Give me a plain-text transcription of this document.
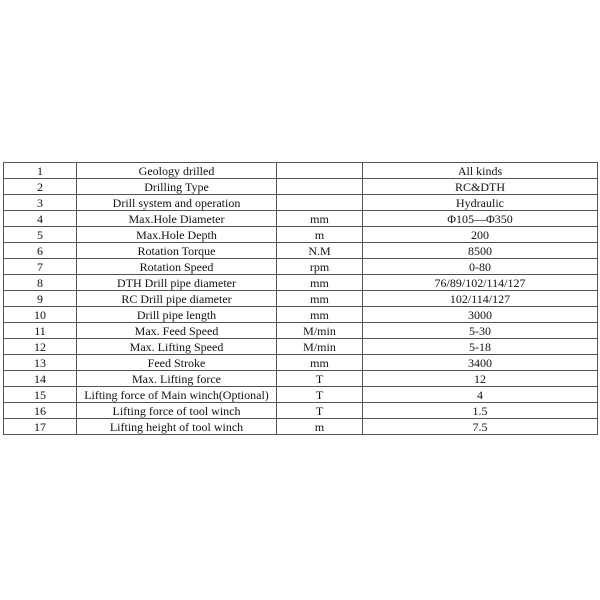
1	Geology drilled		All kinds
2	Drilling Type		RC&DTH
3	Drill system and operation		Hydraulic
4	Max.Hole Diameter	mm	Φ105—Φ350
5	Max.Hole Depth	m	200
6	Rotation Torque	N.M	8500
7	Rotation Speed	rpm	0-80
8	DTH Drill pipe diameter	mm	76/89/102/114/127
9	RC Drill pipe diameter	mm	102/114/127
10	Drill pipe length	mm	3000
11	Max. Feed Speed	M/min	5-30
12	Max. Lifting Speed	M/min	5-18
13	Feed Stroke	mm	3400
14	Max. Lifting force	T	12
15	Lifting force of Main winch(Optional)	T	4
16	Lifting force of tool winch	T	1.5
17	Lifting height of tool winch	m	7.5
